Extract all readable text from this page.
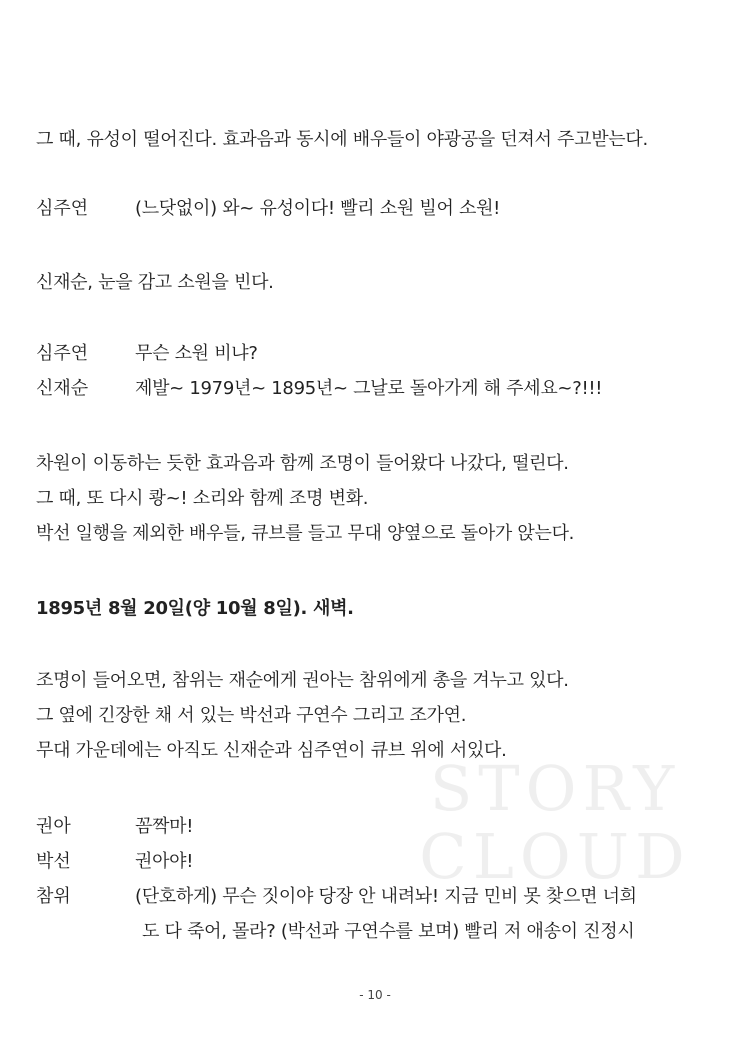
STORY
CLOUD
그 때, 유성이 떨어진다. 효과음과 동시에 배우들이 야광공을 던져서 주고받는다.
심주연	(느닷없이) 와~ 유성이다! 빨리 소원 빌어 소원!
신재순, 눈을 감고 소원을 빈다.
심주연	무슨 소원 비냐?
신재순	제발~ 1979년~ 1895년~ 그날로 돌아가게 해 주세요~?!!!
차원이 이동하는 듯한 효과음과 함께 조명이 들어왔다 나갔다, 떨린다.
그 때, 또 다시 쾅~! 소리와 함께 조명 변화.
박선 일행을 제외한 배우들, 큐브를 들고 무대 양옆으로 돌아가 앉는다.
1895년 8월 20일(양 10월 8일). 새벽.
조명이 들어오면, 참위는 재순에게 권아는 참위에게 총을 겨누고 있다.
그 옆에 긴장한 채 서 있는 박선과 구연수 그리고 조가연.
무대 가운데에는 아직도 신재순과 심주연이 큐브 위에 서있다.
권아	꼼짝마!
박선	권아야!
참위	(단호하게) 무슨 짓이야 당장 안 내려놔! 지금 민비 못 찾으면 너희
도 다 죽어, 몰라? (박선과 구연수를 보며) 빨리 저 애송이 진정시
- 10 -
